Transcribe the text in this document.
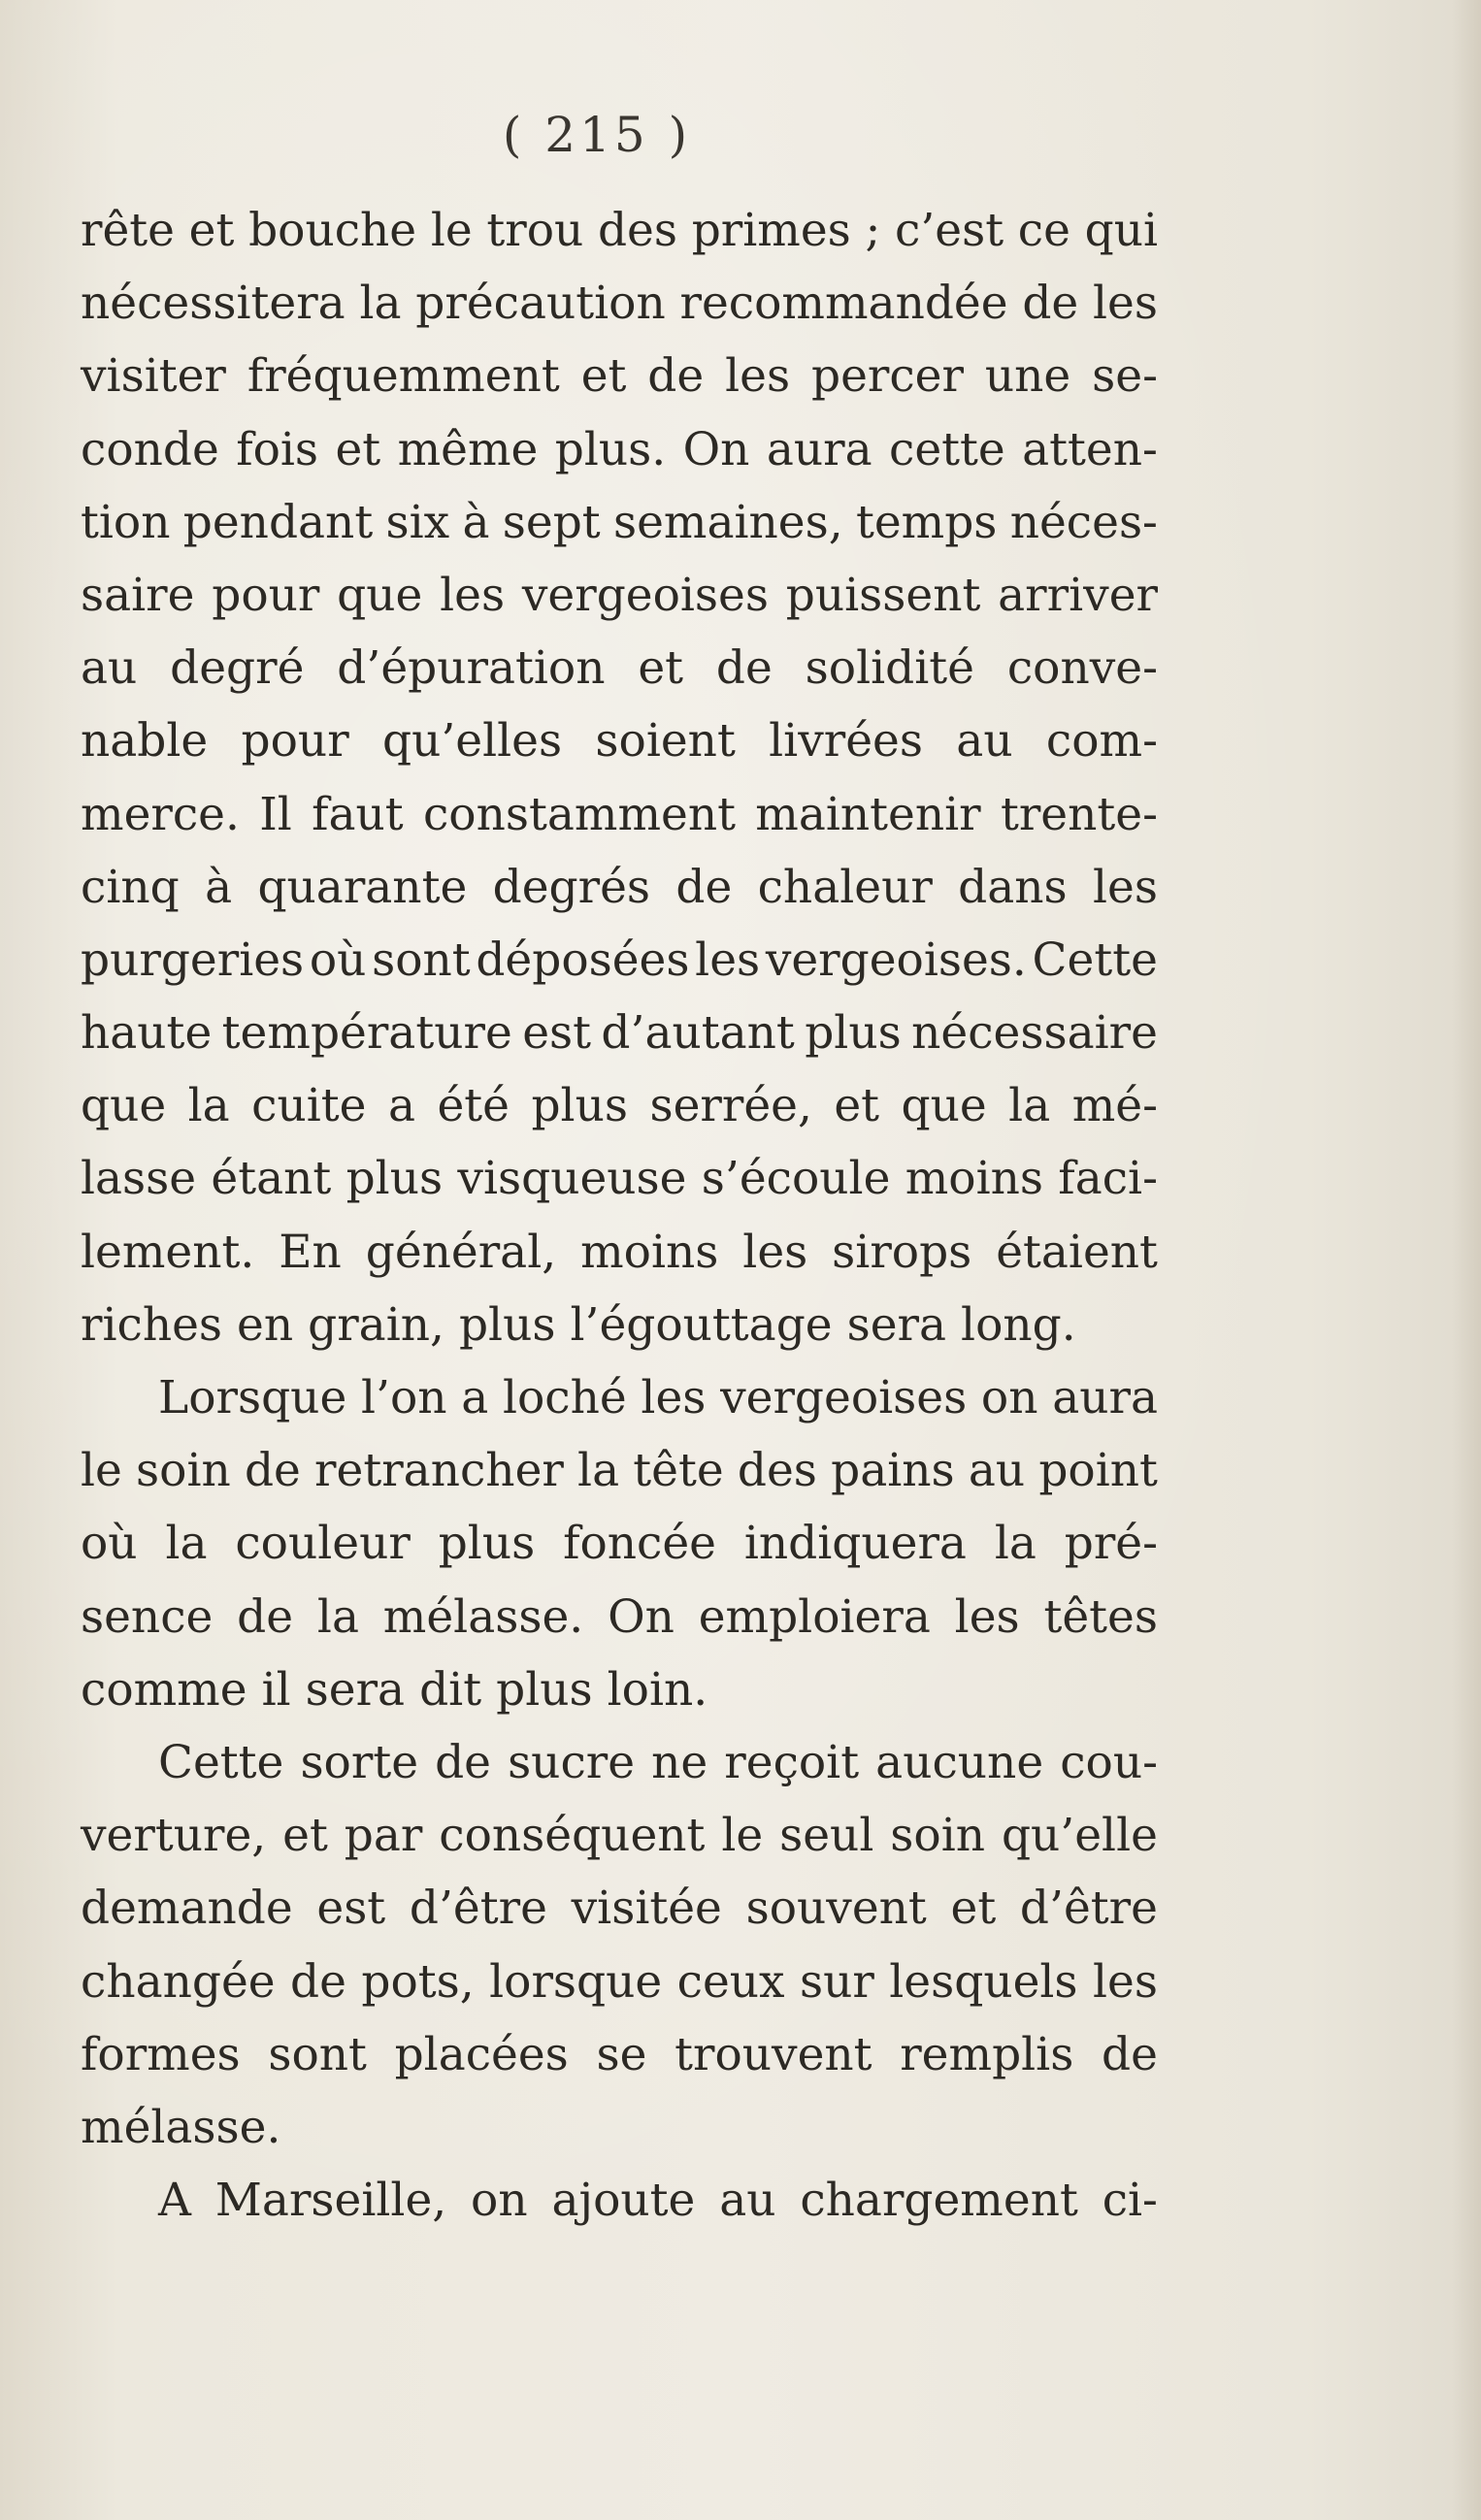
( 215 )
rête et bouche le trou des primes ; c’est ce qui
nécessitera la précaution recommandée de les
visiter fréquemment et de les percer une se-
conde fois et même plus. On aura cette atten-
tion pendant six à sept semaines, temps néces-
saire pour que les vergeoises puissent arriver
au degré d’épuration et de solidité conve-
nable pour qu’elles soient livrées au com-
merce. Il faut constamment maintenir trente-
cinq à quarante degrés de chaleur dans les
purgeries où sont déposées les vergeoises. Cette
haute température est d’autant plus nécessaire
que la cuite a été plus serrée, et que la mé-
lasse étant plus visqueuse s’écoule moins faci-
lement. En général, moins les sirops étaient
riches en grain, plus l’égouttage sera long.
Lorsque l’on a loché les vergeoises on aura
le soin de retrancher la tête des pains au point
où la couleur plus foncée indiquera la pré-
sence de la mélasse. On emploiera les têtes
comme il sera dit plus loin.
Cette sorte de sucre ne reçoit aucune cou-
verture, et par conséquent le seul soin qu’elle
demande est d’être visitée souvent et d’être
changée de pots, lorsque ceux sur lesquels les
formes sont placées se trouvent remplis de
mélasse.
A Marseille, on ajoute au chargement ci-
